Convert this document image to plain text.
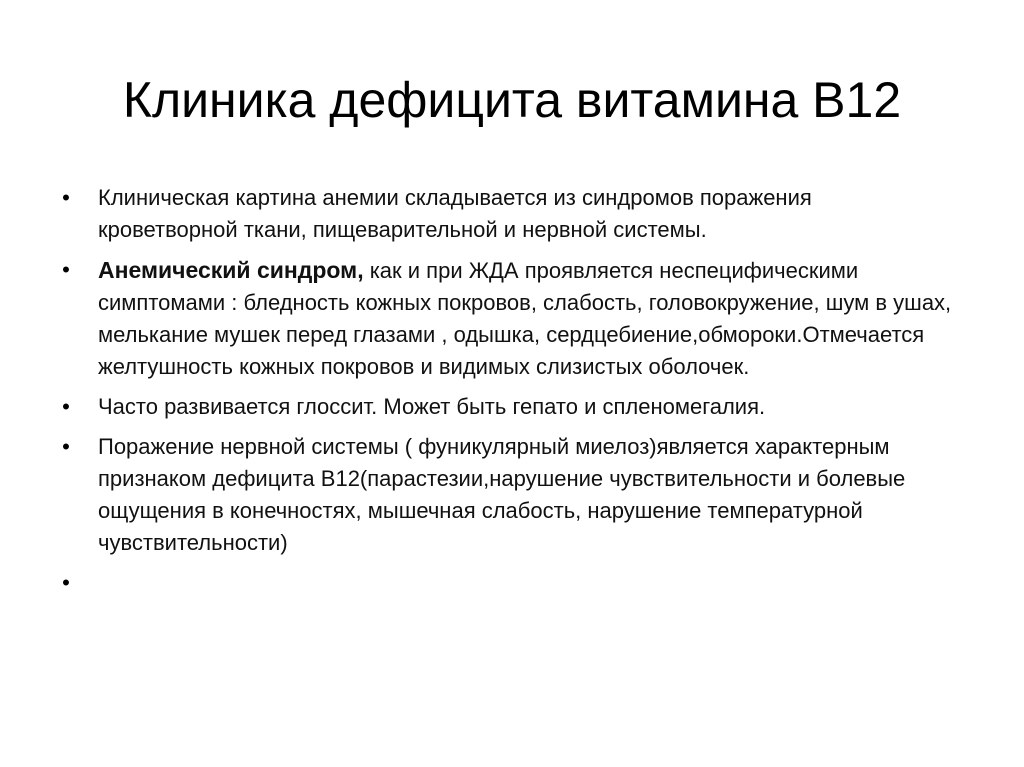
Клиника дефицита витамина В12
• Клиническая картина анемии складывается из синдромов поражения кроветворной ткани, пищеварительной и нервной системы.
• Анемический синдром, как и при ЖДА проявляется неспецифическими симптомами : бледность кожных покровов, слабость, головокружение, шум в ушах, мелькание мушек перед глазами , одышка, сердцебиение,обмороки.Отмечается желтушность кожных покровов и видимых слизистых оболочек.
• Часто развивается глоссит. Может быть гепато и спленомегалия.
• Поражение нервной системы ( фуникулярный миелоз)является характерным признаком дефицита В12(парастезии,нарушение чувствительности и болевые ощущения в конечностях, мышечная слабость, нарушение температурной чувствительности)
•
